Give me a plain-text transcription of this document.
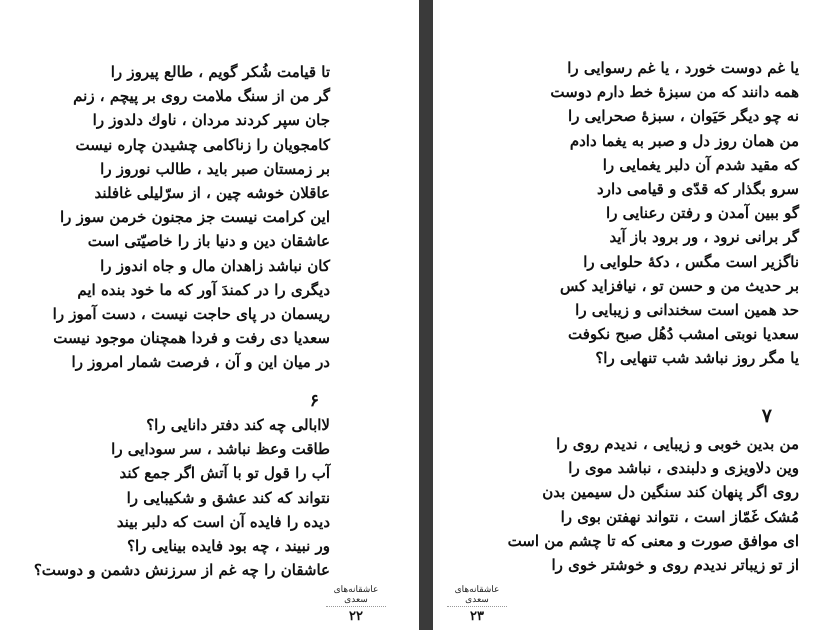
تا قیامت شُکر گویم ، طالع پیروز را
گر من از سنگ ملامت روی بر پیچم ، زنم
جان سپر کردند مردان ، ناوك دلدوز را
کامجویان را زناکامی چشیدن چاره نیست
بر زمستان صبر باید ، طالب نوروز را
عاقلان خوشه چین ، از سرّلیلی غافلند
این کرامت نیست جز مجنون خرمن سوز را
عاشقان دین و دنیا باز را خاصیّتی است
کان نباشد زاهدان مال و جاه اندوز را
دیگری را در کمندَ آور که ما خود بنده ایم
ریسمان در پای حاجت نیست ، دست آموز را
سعدیا دی رفت و فردا همچنان موجود نیست
در میان این و آن ، فرصت شمار امروز را
۶
لاابالی چه کند دفتر دانایی را؟
طاقت وعظ نباشد ، سر سودایی را
آب را قول تو با آتش اگر جمع کند
نتواند که کند عشق و شکیبایی را
دیده را فایده آن است که دلبر بیند
ور نبیند ، چه بود فایده بینایی را؟
عاشقان را چه غم از سرزنش دشمن و دوست؟
عاشقانه‌های سعدی
۲۲
یا غم دوست خورد ، یا غم رسوایی را
همه دانند که من سبزهٔ خط دارم دوست
نه چو دیگر حَیَوان ، سبزهٔ صحرایی را
من همان روز دل و صبر به یغما دادم
که مقید شدم آن دلبر یغمایی را
سرو بگذار که قدّی و قیامی دارد
گو ببین آمدن و رفتن رعنایی را
گر برانی نرود ، ور برود باز آید
ناگزیر است مگس ، دکهٔ حلوایی را
بر حدیث من و حسن تو ، نیافزاید کس
حد همین است سخندانی و زیبایی را
سعدیا نوبتی امشب دُهُل صبح نکوفت
یا مگر روز نباشد شب تنهایی را؟
۷
من بدین خوبی و زیبایی ، ندیدم روی را
وین دلاویزی و دلبندی ، نباشد موی را
روی اگر پنهان کند سنگین دل سیمین بدن
مُشک غَمّاز است ، نتواند نهفتن بوی را
ای موافق صورت و معنی که تا چشم من است
از تو زیباتر ندیدم روی و خوشتر خوی را
عاشقانه‌های سعدی
۲۳
